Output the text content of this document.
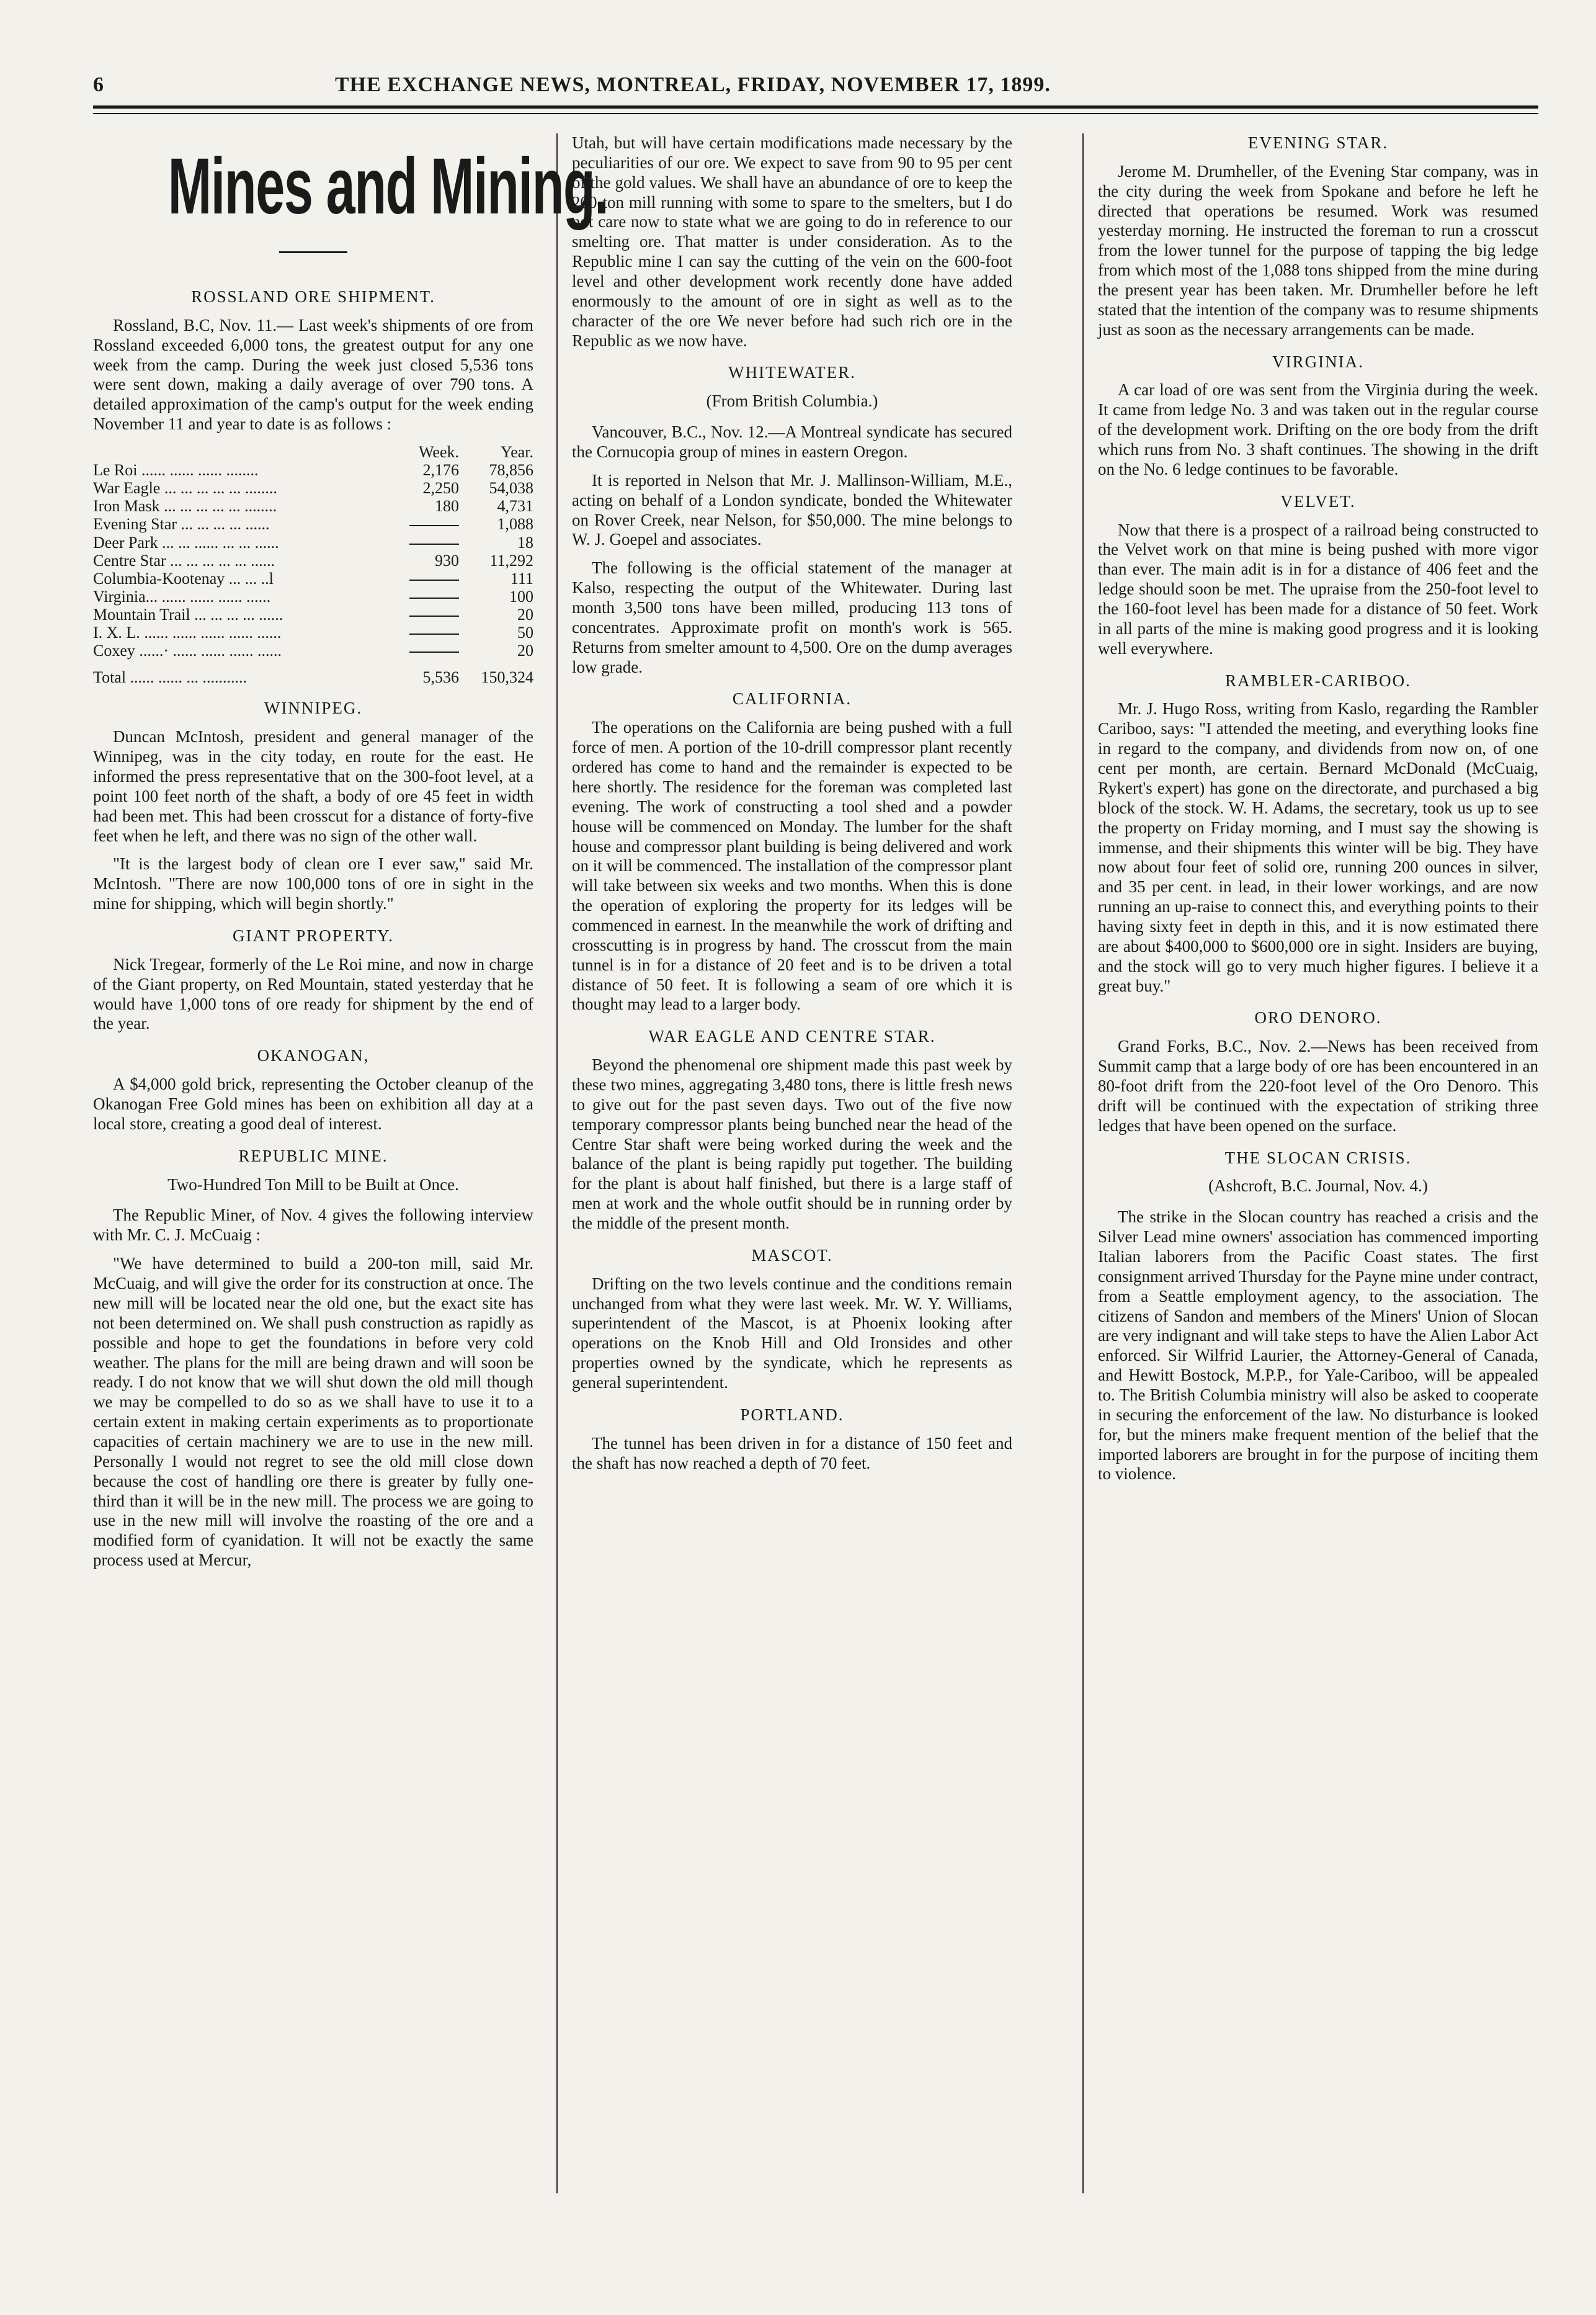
6	THE EXCHANGE NEWS, MONTREAL, FRIDAY, NOVEMBER 17, 1899.
Mines and Mining.
ROSSLAND ORE SHIPMENT.

Rossland, B.C, Nov. 11.— Last week's shipments of ore from Rossland exceeded 6,000 tons, the greatest output for any one week from the camp. During the week just closed 5,536 tons were sent down, making a daily average of over 790 tons. A detailed approximation of the camp's output for the week ending November 11 and year to date is as follows :

	Week.	Year.
Le Roi ...... ...... ...... ........	2,176	78,856
War Eagle ... ... ... ... ... ........	2,250	54,038
Iron Mask ... ... ... ... ... ........	180	4,731
Evening Star ... ... ... ... ......		1,088
Deer Park ... ... ...... ... ... ......		18
Centre Star ... ... ... ... ... ......	930	11,292
Columbia-Kootenay ... ... ..l		111
Virginia... ...... ...... ...... ......		100
Mountain Trail ... ... ... ... ......		20
I. X. L. ...... ...... ...... ...... ......		50
Coxey ......· ...... ...... ...... ......		20
Total ...... ...... ... ...........	5,536	150,324
WINNIPEG.

Duncan McIntosh, president and general manager of the Winnipeg, was in the city today, en route for the east. He informed the press representative that on the 300-foot level, at a point 100 feet north of the shaft, a body of ore 45 feet in width had been met. This had been crosscut for a distance of forty-five feet when he left, and there was no sign of the other wall.

"It is the largest body of clean ore I ever saw," said Mr. McIntosh. "There are now 100,000 tons of ore in sight in the mine for shipping, which will begin shortly."

GIANT PROPERTY.

Nick Tregear, formerly of the Le Roi mine, and now in charge of the Giant property, on Red Mountain, stated yesterday that he would have 1,000 tons of ore ready for shipment by the end of the year.

OKANOGAN,

A $4,000 gold brick, representing the October cleanup of the Okanogan Free Gold mines has been on exhibition all day at a local store, creating a good deal of interest.

REPUBLIC MINE.
Two-Hundred Ton Mill to be Built at Once.

The Republic Miner, of Nov. 4 gives the following interview with Mr. C. J. McCuaig :

"We have determined to build a 200-ton mill, said Mr. McCuaig, and will give the order for its construction at once. The new mill will be located near the old one, but the exact site has not been determined on. We shall push construction as rapidly as possible and hope to get the foundations in before very cold weather. The plans for the mill are being drawn and will soon be ready. I do not know that we will shut down the old mill though we may be compelled to do so as we shall have to use it to a certain extent in making certain experiments as to proportionate capacities of certain machinery we are to use in the new mill. Personally I would not regret to see the old mill close down because the cost of handling ore there is greater by fully one-third than it will be in the new mill. The process we are going to use in the new mill will involve the roasting of the ore and a modified form of cyanidation. It will not be exactly the same process used at Mercur,

Utah, but will have certain modifications made necessary by the peculiarities of our ore. We expect to save from 90 to 95 per cent of the gold values. We shall have an abundance of ore to keep the 200-ton mill running with some to spare to the smelters, but I do not care now to state what we are going to do in reference to our smelting ore. That matter is under consideration. As to the Republic mine I can say the cutting of the vein on the 600-foot level and other development work recently done have added enormously to the amount of ore in sight as well as to the character of the ore We never before had such rich ore in the Republic as we now have.

WHITEWATER.
(From British Columbia.)

Vancouver, B.C., Nov. 12.—A Montreal syndicate has secured the Cornucopia group of mines in eastern Oregon.

It is reported in Nelson that Mr. J. Mallinson-William, M.E., acting on behalf of a London syndicate, bonded the Whitewater on Rover Creek, near Nelson, for $50,000. The mine belongs to W. J. Goepel and associates.

The following is the official statement of the manager at Kalso, respecting the output of the Whitewater. During last month 3,500 tons have been milled, producing 113 tons of concentrates. Approximate profit on month's work is 565. Returns from smelter amount to 4,500. Ore on the dump averages low grade.

CALIFORNIA.

The operations on the California are being pushed with a full force of men. A portion of the 10-drill compressor plant recently ordered has come to hand and the remainder is expected to be here shortly. The residence for the foreman was completed last evening. The work of constructing a tool shed and a powder house will be commenced on Monday. The lumber for the shaft house and compressor plant building is being delivered and work on it will be commenced. The installation of the compressor plant will take between six weeks and two months. When this is done the operation of exploring the property for its ledges will be commenced in earnest. In the meanwhile the work of drifting and crosscutting is in progress by hand. The crosscut from the main tunnel is in for a distance of 20 feet and is to be driven a total distance of 50 feet. It is following a seam of ore which it is thought may lead to a larger body.

WAR EAGLE AND CENTRE STAR.

Beyond the phenomenal ore shipment made this past week by these two mines, aggregating 3,480 tons, there is little fresh news to give out for the past seven days. Two out of the five now temporary compressor plants being bunched near the head of the Centre Star shaft were being worked during the week and the balance of the plant is being rapidly put together. The building for the plant is about half finished, but there is a large staff of men at work and the whole outfit should be in running order by the middle of the present month.

MASCOT.

Drifting on the two levels continue and the conditions remain unchanged from what they were last week. Mr. W. Y. Williams, superintendent of the Mascot, is at Phoenix looking after operations on the Knob Hill and Old Ironsides and other properties owned by the syndicate, which he represents as general superintendent.

PORTLAND.

The tunnel has been driven in for a distance of 150 feet and the shaft has now reached a depth of 70 feet.

EVENING STAR.

Jerome M. Drumheller, of the Evening Star company, was in the city during the week from Spokane and before he left he directed that operations be resumed. Work was resumed yesterday morning. He instructed the foreman to run a crosscut from the lower tunnel for the purpose of tapping the big ledge from which most of the 1,088 tons shipped from the mine during the present year has been taken. Mr. Drumheller before he left stated that the intention of the company was to resume shipments just as soon as the necessary arrangements can be made.

VIRGINIA.

A car load of ore was sent from the Virginia during the week. It came from ledge No. 3 and was taken out in the regular course of the development work. Drifting on the ore body from the drift which runs from No. 3 shaft continues. The showing in the drift on the No. 6 ledge continues to be favorable.

VELVET.

Now that there is a prospect of a railroad being constructed to the Velvet work on that mine is being pushed with more vigor than ever. The main adit is in for a distance of 406 feet and the ledge should soon be met. The upraise from the 250-foot level to the 160-foot level has been made for a distance of 50 feet. Work in all parts of the mine is making good progress and it is looking well everywhere.

RAMBLER-CARIBOO.

Mr. J. Hugo Ross, writing from Kaslo, regarding the Rambler Cariboo, says: "I attended the meeting, and everything looks fine in regard to the company, and dividends from now on, of one cent per month, are certain. Bernard McDonald (McCuaig, Rykert's expert) has gone on the directorate, and purchased a big block of the stock. W. H. Adams, the secretary, took us up to see the property on Friday morning, and I must say the showing is immense, and their shipments this winter will be big. They have now about four feet of solid ore, running 200 ounces in silver, and 35 per cent. in lead, in their lower workings, and are now running an up-raise to connect this, and everything points to their having sixty feet in depth in this, and it is now estimated there are about $400,000 to $600,000 ore in sight. Insiders are buying, and the stock will go to very much higher figures. I believe it a great buy."

ORO DENORO.

Grand Forks, B.C., Nov. 2.—News has been received from Summit camp that a large body of ore has been encountered in an 80-foot drift from the 220-foot level of the Oro Denoro. This drift will be continued with the expectation of striking three ledges that have been opened on the surface.

THE SLOCAN CRISIS.
(Ashcroft, B.C. Journal, Nov. 4.)

The strike in the Slocan country has reached a crisis and the Silver Lead mine owners' association has commenced importing Italian laborers from the Pacific Coast states. The first consignment arrived Thursday for the Payne mine under contract, from a Seattle employment agency, to the association. The citizens of Sandon and members of the Miners' Union of Slocan are very indignant and will take steps to have the Alien Labor Act enforced. Sir Wilfrid Laurier, the Attorney-General of Canada, and Hewitt Bostock, M.P.P., for Yale-Cariboo, will be appealed to. The British Columbia ministry will also be asked to cooperate in securing the enforcement of the law. No disturbance is looked for, but the miners make frequent mention of the belief that the imported laborers are brought in for the purpose of inciting them to violence.
